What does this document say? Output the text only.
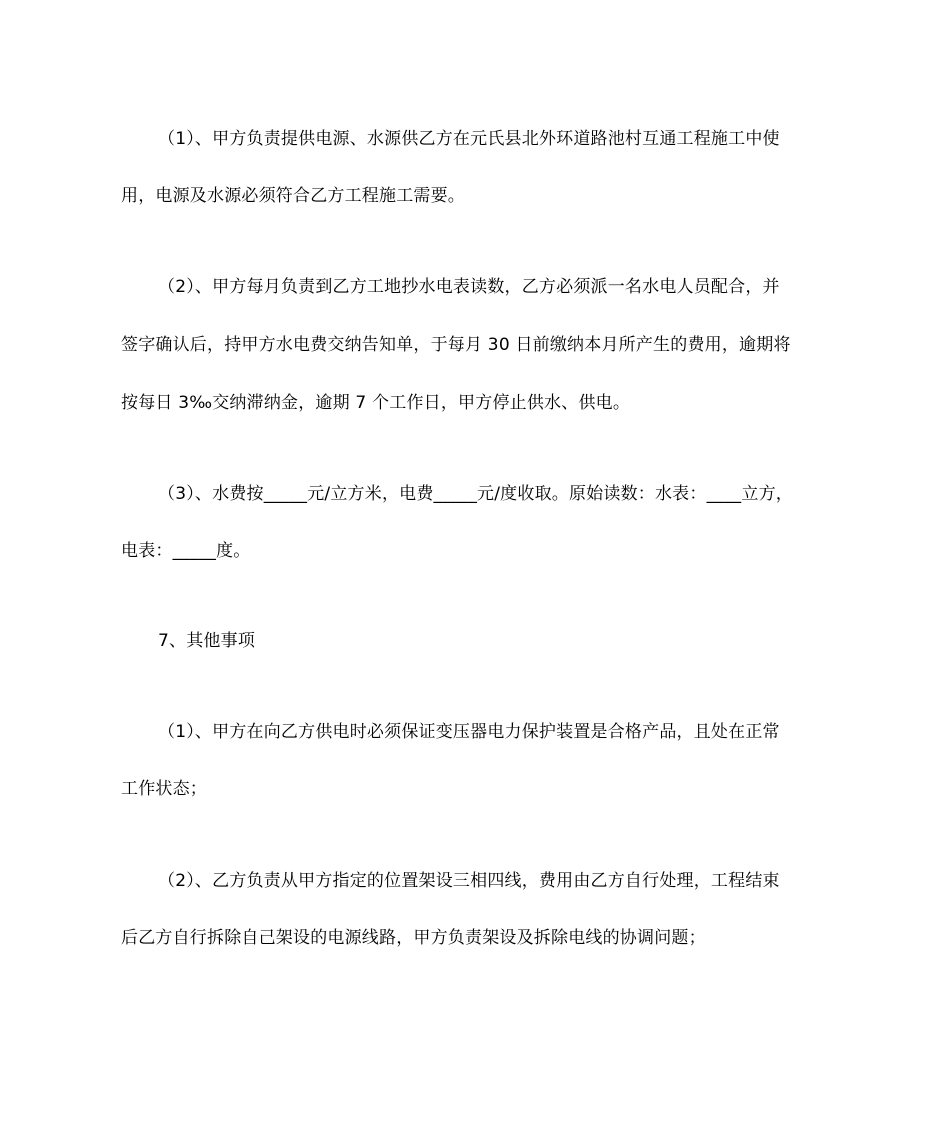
（1）、甲方负责提供电源、水源供乙方在元氏县北外环道路池村互通工程施工中使
用，电源及水源必须符合乙方工程施工需要。
（2）、甲方每月负责到乙方工地抄水电表读数，乙方必须派一名水电人员配合，并
签字确认后，持甲方水电费交纳告知单，于每月 30 日前缴纳本月所产生的费用，逾期将
按每日 3‰交纳滞纳金，逾期 7 个工作日，甲方停止供水、供电。
（3）、水费按_____元/立方米，电费_____元/度收取。原始读数：水表：____立方，
电表：_____度。
7、其他事项
（1）、甲方在向乙方供电时必须保证变压器电力保护装置是合格产品，且处在正常
工作状态；
（2）、乙方负责从甲方指定的位置架设三相四线，费用由乙方自行处理，工程结束
后乙方自行拆除自己架设的电源线路，甲方负责架设及拆除电线的协调问题；
